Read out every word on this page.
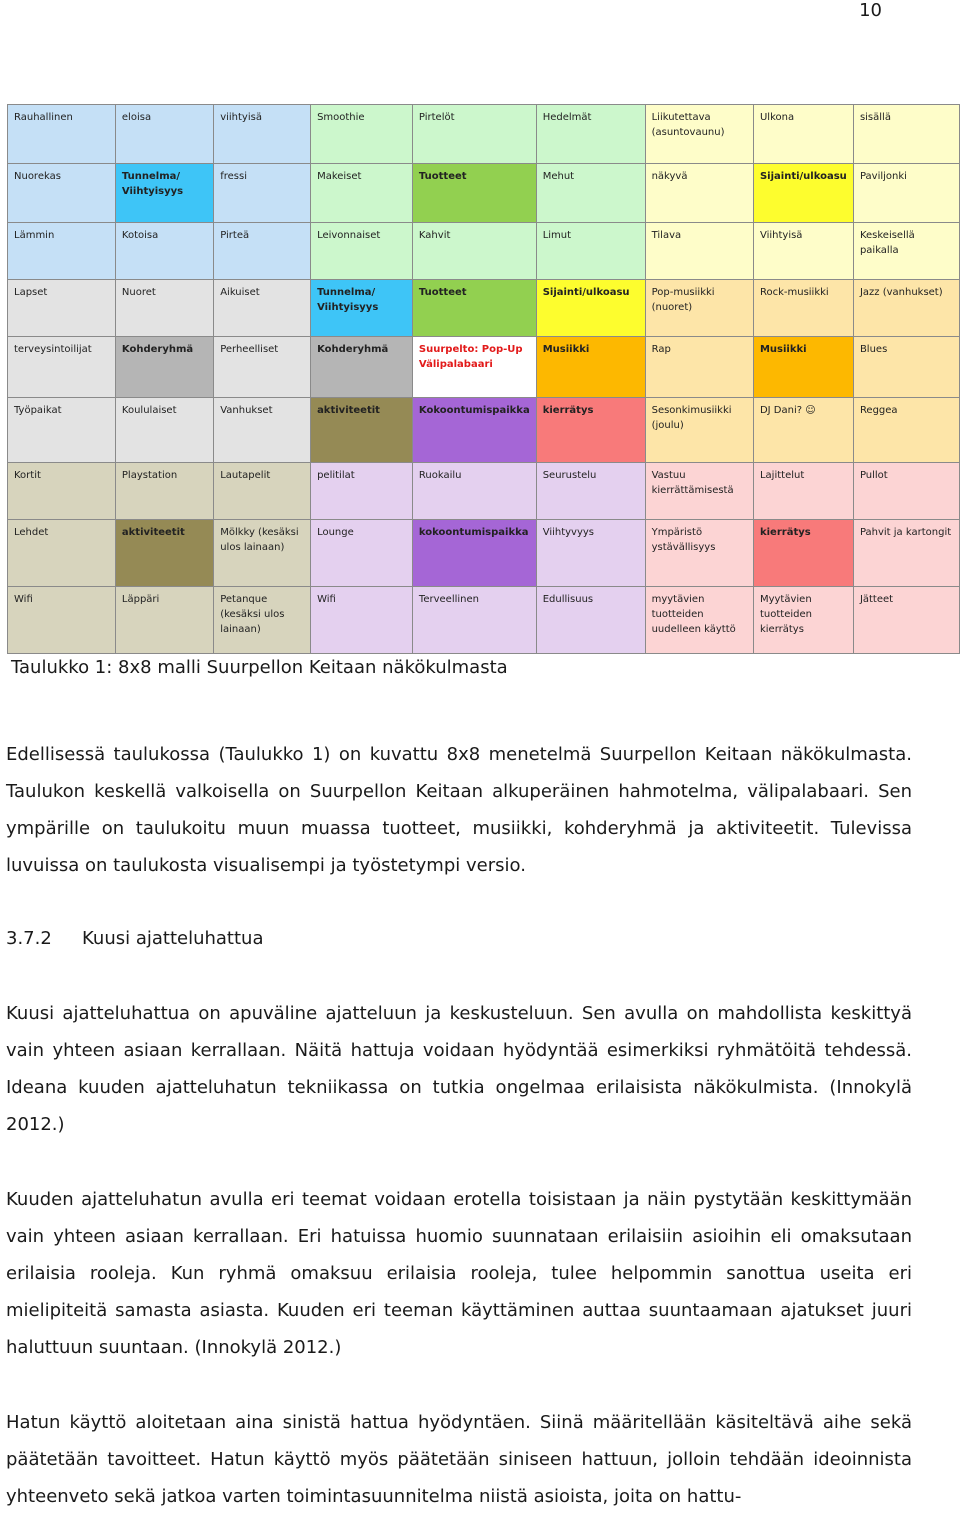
10
Rauhallinen	eloisa	viihtyisä	Smoothie	Pirtelöt	Hedelmät	Liikutettava (asuntovaunu)	Ulkona	sisällä
Nuorekas	Tunnelma/ Viihtyisyys	fressi	Makeiset	Tuotteet	Mehut	näkyvä	Sijainti/ulkoasu	Paviljonki
Lämmin	Kotoisa	Pirteä	Leivonnaiset	Kahvit	Limut	Tilava	Viihtyisä	Keskeisellä paikalla
Lapset	Nuoret	Aikuiset	Tunnelma/ Viihtyisyys	Tuotteet	Sijainti/ulkoasu	Pop-musiikki (nuoret)	Rock-musiikki	Jazz (vanhukset)
terveysintoilijat	Kohderyhmä	Perheelliset	Kohderyhmä	Suurpelto: Pop-Up Välipalabaari	Musiikki	Rap	Musiikki	Blues
Työpaikat	Koululaiset	Vanhukset	aktiviteetit	Kokoontumispaikka	kierrätys	Sesonkimusiikki (joulu)	DJ Dani? ☺	Reggea
Kortit	Playstation	Lautapelit	pelitilat	Ruokailu	Seurustelu	Vastuu kierrättämisestä	Lajittelut	Pullot
Lehdet	aktiviteetit	Mölkky (kesäksi ulos lainaan)	Lounge	kokoontumispaikka	Viihtyvyys	Ympäristö ystävällisyys	kierrätys	Pahvit ja kartongit
Wifi	Läppäri	Petanque (kesäksi ulos lainaan)	Wifi	Terveellinen	Edullisuus	myytävien tuotteiden uudelleen käyttö	Myytävien tuotteiden kierrätys	Jätteet
Taulukko 1: 8x8 malli Suurpellon Keitaan näkökulmasta

Edellisessä taulukossa (Taulukko 1) on kuvattu 8x8 menetelmä Suurpellon Keitaan näkökulmasta. Taulukon keskellä valkoisella on Suurpellon Keitaan alkuperäinen hahmotelma, välipalabaari. Sen ympärille on taulukoitu muun muassa tuotteet, musiikki, kohderyhmä ja aktiviteetit. Tulevissa luvuissa on taulukosta visualisempi ja työstetympi versio.

3.7.2 Kuusi ajatteluhattua

Kuusi ajatteluhattua on apuväline ajatteluun ja keskusteluun. Sen avulla on mahdollista keskittyä vain yhteen asiaan kerrallaan. Näitä hattuja voidaan hyödyntää esimerkiksi ryhmätöitä tehdessä. Ideana kuuden ajatteluhatun tekniikassa on tutkia ongelmaa erilaisista näkökulmista. (Innokylä 2012.)

Kuuden ajatteluhatun avulla eri teemat voidaan erotella toisistaan ja näin pystytään keskittymään vain yhteen asiaan kerrallaan. Eri hatuissa huomio suunnataan erilaisiin asioihin eli omaksutaan erilaisia rooleja. Kun ryhmä omaksuu erilaisia rooleja, tulee helpommin sanottua useita eri mielipiteitä samasta asiasta. Kuuden eri teeman käyttäminen auttaa suuntaamaan ajatukset juuri haluttuun suuntaan. (Innokylä 2012.)

Hatun käyttö aloitetaan aina sinistä hattua hyödyntäen. Siinä määritellään käsiteltävä aihe sekä päätetään tavoitteet. Hatun käyttö myös päätetään siniseen hattuun, jolloin tehdään ideoinnista yhteenveto sekä jatkoa varten toimintasuunnitelma niistä asioista, joita on hattu-
